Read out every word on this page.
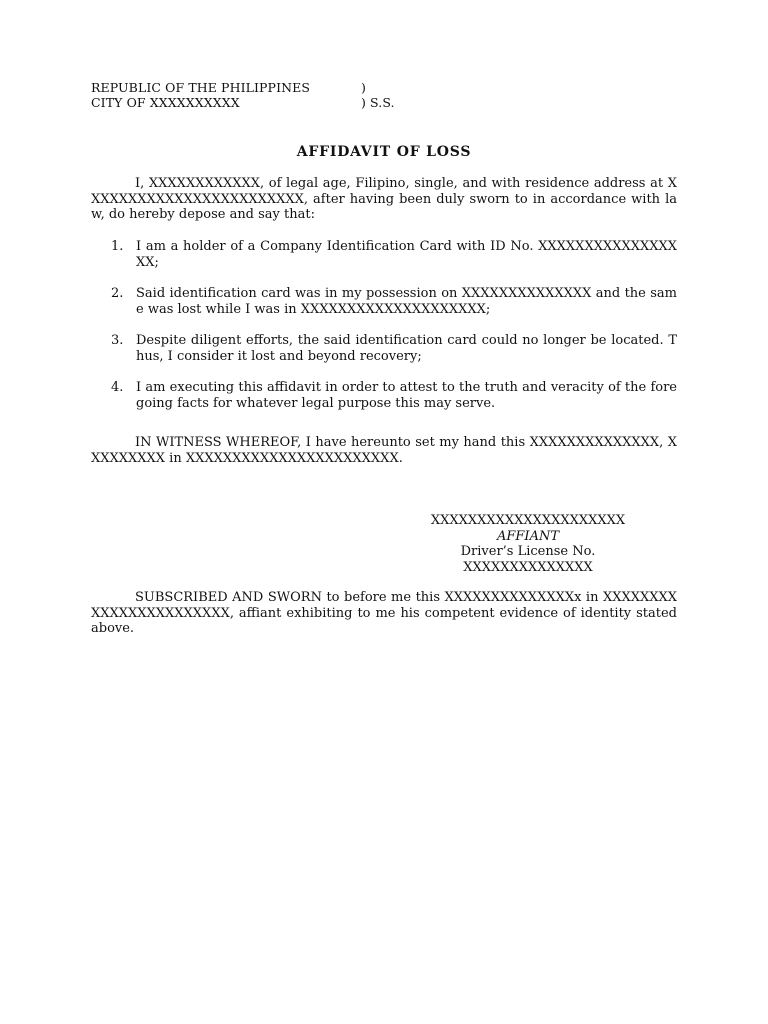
REPUBLIC OF THE PHILIPPINES	)
CITY OF XXXXXXXXXX	) S.S.
AFFIDAVIT OF LOSS
I, XXXXXXXXXXXX, of legal age, Filipino, single, and with residence address at XXXXXXXXXXXXXXXXXXXXXXXX, after having been duly sworn to in accordance with law, do hereby depose and say that:
1. I am a holder of a Company Identification Card with ID No. XXXXXXXXXXXXXXXXX;
2. Said identification card was in my possession on XXXXXXXXXXXXXX and the same was lost while I was in XXXXXXXXXXXXXXXXXXXX;
3. Despite diligent efforts, the said identification card could no longer be located. Thus, I consider it lost and beyond recovery;
4. I am executing this affidavit in order to attest to the truth and veracity of the foregoing facts for whatever legal purpose this may serve.
IN WITNESS WHEREOF, I have hereunto set my hand this XXXXXXXXXXXXXX, XXXXXXXXX in XXXXXXXXXXXXXXXXXXXXXXX.
XXXXXXXXXXXXXXXXXXXXX
AFFIANT
Driver’s License No.
XXXXXXXXXXXXXX
SUBSCRIBED AND SWORN to before me this XXXXXXXXXXXXXXx in XXXXXXXXXXXXXXXXXXXXXXX, affiant exhibiting to me his competent evidence of identity stated above.
